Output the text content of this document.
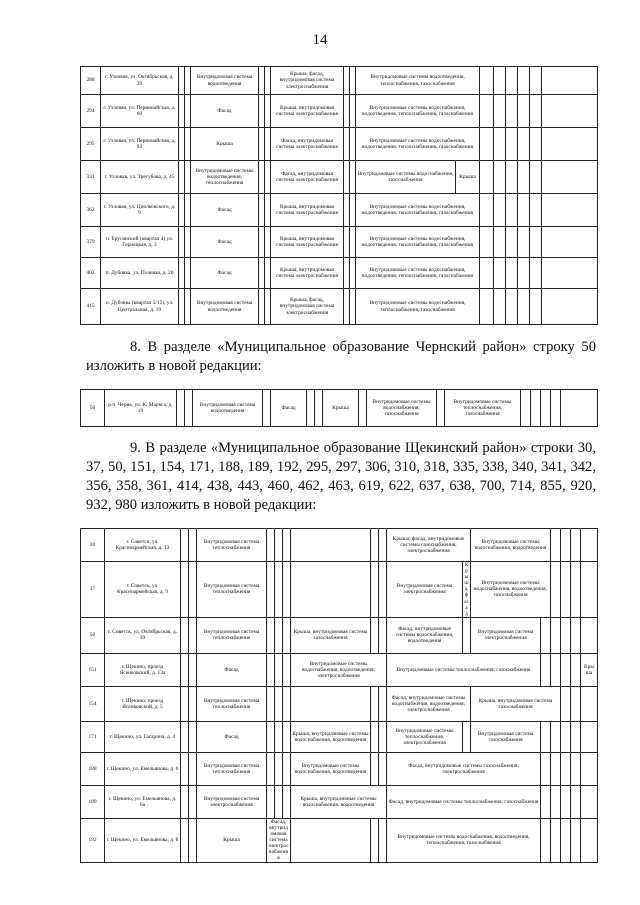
14
288	г. Узловая, ул. Октябрьская, д. 39			Внутридомовая система водоотведения			Крыша, фасад, внутридомовая система электроснабжения			Внутридомовые системы водоотведения, теплоснабжения, газоснабжения								
294	г. Узловая, ул. Первомайская, д. 60			Фасад			Крыша, внутридомовая система электроснабжения			Внутридомовые системы водоснабжения, водоотведения, теплоснабжения, газоснабжения								
295	г. Узловая, ул. Первомайская, д. 93			Крыша			Фасад, внутридомовая система электроснабжения			Внутридомовые системы водоснабжения, водоотведения, теплоснабжения, газоснабжения								
331	г. Узловая, ул. Трегубова, д. 45			Внутридомовые системы водоотведения, теплоснабжения			Фасад, внутридомовая система электроснабжения			Внутридомовые системы водоснабжения, газоснабжения	Крыша							
362	г. Узловая, ул. Циолковского, д. 9			Фасад			Крыша, внутридомовая система электроснабжения			Внутридомовые системы водоснабжения, водоотведения, теплоснабжения, газоснабжения								
379	п. Брусянский (квартал 4) ул. Горняцкая, д. 3			Фасад			Крыша, внутридомовая система электроснабжения			Внутридомовые системы водоснабжения, водоотведения, теплоснабжения, газоснабжения								
402	п. Дубовка, ул. Полевая, д. 20			Фасад			Крыша, внутридомовая система электроснабжения			Внутридомовые системы водоснабжения, водоотведения, теплоснабжения, газоснабжения								
415	п. Дубовка (квартал 5/15), ул. Центральная, д. 19			Внутридомовая система водоотведения			Крыша, фасад, внутридомовая система электроснабжения			Внутридомовые системы водоснабжения, теплоснабжения, газоснабжения								

8. В разделе «Муниципальное образование Чернский район» строку 50 изложить в новой редакции:

50	р.п. Чернь, ул. К. Маркса, д. 19			Внутридомовая система водоотведения		Фасад			Крыша		Внутридомовые системы водоснабжения, газоснабжения		Внутридомовые системы теплоснабжения, газоснабжения					

9. В разделе «Муниципальное образование Щекинский район» строки 30, 37, 50, 151, 154, 171, 188, 189, 192, 295, 297, 306, 310, 318, 335, 338, 340, 341, 342, 356, 358, 361, 414, 438, 443, 460, 462, 463, 619, 622, 637, 638, 700, 714, 855, 920, 932, 980 изложить в новой редакции:

30	г. Советск, ул. Красноармейская, д. 13			Внутридомовая система теплоснабжения							Крыша, фасад, внутридомовые системы газоснабжения, электроснабжения		Внутридомовые системы водоснабжения, водоотведения						
37	г. Советск, ул. Красноармейская, д. 9			Внутридомовая система теплоснабжения							Внутридомовая система электроснабжения	Крыша, фасад	Внутридомовые системы водоснабжения, водоотведения, газоснабжения						
50	г. Советск, ул. Октябрьская, д. 39			Внутридомовая система теплоснабжения				Крыша, внутридомовая система газоснабжения			Фасад, внутридомовые системы водоснабжения, водоотведения		Внутридомовая система электроснабжения						
151	г. Щекино, проезд Ясенковский, д. 13а			Фасад				Внутридомовые системы водоснабжения, водоотведения, электроснабжения			Внутридомовые системы теплоснабжения, газоснабжения							Крыша	
154	г. Щекино, проезд Ясенковский, д. 5			Внутридомовая система теплоснабжения							Фасад, внутридомовые системы водоснабжения, водоотведения, электроснабжения		Крыша, внутридомовая система газоснабжения						
171	г. Щекино, ул. Гагарина, д. 4			Фасад				Крыша, внутридомовые системы водоснабжения, водоотведения			Внутридомовые системы теплоснабжения, электроснабжения		Внутридомовая система газоснабжения						
188	г. Щекино, ул. Емельянова, д. 6			Внутридомовая система теплоснабжения				Внутридомовые системы водоснабжения, водоотведения			Фасад, внутридомовые системы газоснабжения, электроснабжения								
189	г. Щекино, ул. Емельянова, д. 6а			Внутридомовая система электроснабжения				Крыша, внутридомовые системы водоснабжения, водоотведения			Фасад, внутридомовые системы теплоснабжения, газоснабжения								
192	г. Щекино, ул. Емельянова, д. 8			Крыша	Фасад, внутридомовая система электроснабжения						Внутридомовые системы водоснабжения, водоотведения, теплоснабжения, газоснабжения								
